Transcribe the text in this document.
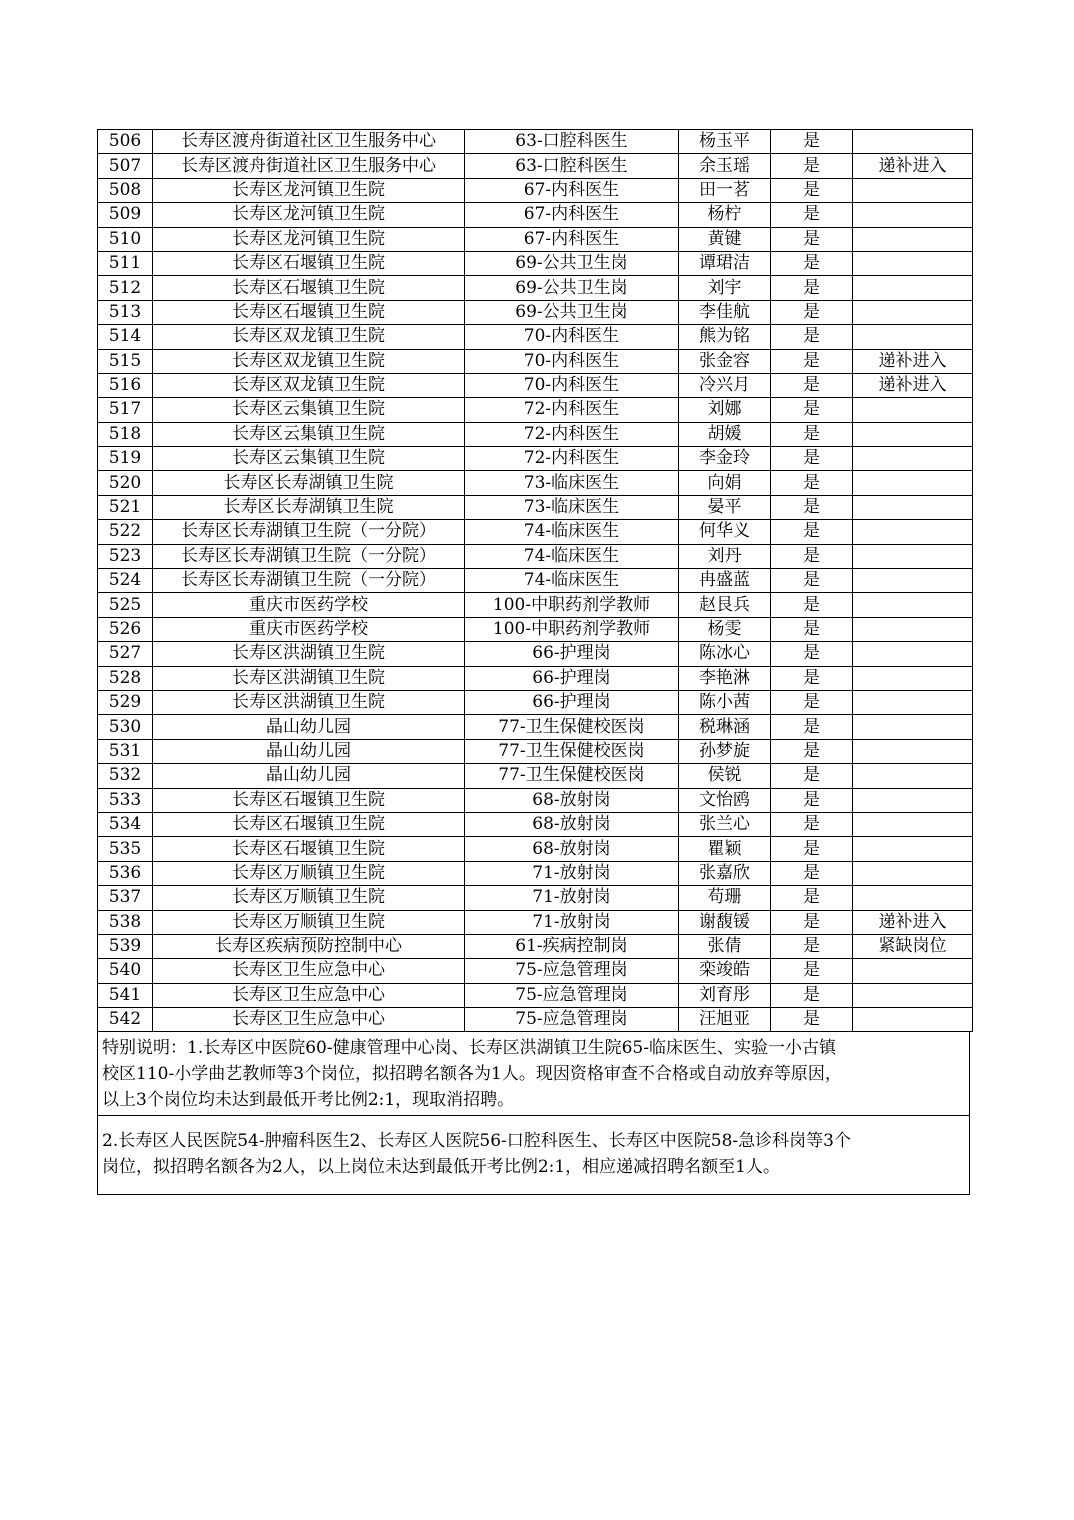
506	长寿区渡舟街道社区卫生服务中心	63-口腔科医生	杨玉平	是	
507	长寿区渡舟街道社区卫生服务中心	63-口腔科医生	余玉瑶	是	递补进入
508	长寿区龙河镇卫生院	67-内科医生	田一茗	是	
509	长寿区龙河镇卫生院	67-内科医生	杨柠	是	
510	长寿区龙河镇卫生院	67-内科医生	黄键	是	
511	长寿区石堰镇卫生院	69-公共卫生岗	谭珺洁	是	
512	长寿区石堰镇卫生院	69-公共卫生岗	刘宇	是	
513	长寿区石堰镇卫生院	69-公共卫生岗	李佳航	是	
514	长寿区双龙镇卫生院	70-内科医生	熊为铭	是	
515	长寿区双龙镇卫生院	70-内科医生	张金容	是	递补进入
516	长寿区双龙镇卫生院	70-内科医生	冷兴月	是	递补进入
517	长寿区云集镇卫生院	72-内科医生	刘娜	是	
518	长寿区云集镇卫生院	72-内科医生	胡媛	是	
519	长寿区云集镇卫生院	72-内科医生	李金玲	是	
520	长寿区长寿湖镇卫生院	73-临床医生	向娟	是	
521	长寿区长寿湖镇卫生院	73-临床医生	晏平	是	
522	长寿区长寿湖镇卫生院（一分院）	74-临床医生	何华义	是	
523	长寿区长寿湖镇卫生院（一分院）	74-临床医生	刘丹	是	
524	长寿区长寿湖镇卫生院（一分院）	74-临床医生	冉盛蓝	是	
525	重庆市医药学校	100-中职药剂学教师	赵艮兵	是	
526	重庆市医药学校	100-中职药剂学教师	杨雯	是	
527	长寿区洪湖镇卫生院	66-护理岗	陈冰心	是	
528	长寿区洪湖镇卫生院	66-护理岗	李艳淋	是	
529	长寿区洪湖镇卫生院	66-护理岗	陈小茜	是	
530	晶山幼儿园	77-卫生保健校医岗	税琳涵	是	
531	晶山幼儿园	77-卫生保健校医岗	孙梦旋	是	
532	晶山幼儿园	77-卫生保健校医岗	侯锐	是	
533	长寿区石堰镇卫生院	68-放射岗	文怡鸥	是	
534	长寿区石堰镇卫生院	68-放射岗	张兰心	是	
535	长寿区石堰镇卫生院	68-放射岗	瞿颖	是	
536	长寿区万顺镇卫生院	71-放射岗	张嘉欣	是	
537	长寿区万顺镇卫生院	71-放射岗	苟珊	是	
538	长寿区万顺镇卫生院	71-放射岗	谢馥锾	是	递补进入
539	长寿区疾病预防控制中心	61-疾病控制岗	张倩	是	紧缺岗位
540	长寿区卫生应急中心	75-应急管理岗	栾竣皓	是	
541	长寿区卫生应急中心	75-应急管理岗	刘育彤	是	
542	长寿区卫生应急中心	75-应急管理岗	汪旭亚	是	
特别说明：1.长寿区中医院60-健康管理中心岗、长寿区洪湖镇卫生院65-临床医生、实验一小古镇
校区110-小学曲艺教师等3个岗位，拟招聘名额各为1人。现因资格审查不合格或自动放弃等原因，
以上3个岗位均未达到最低开考比例2:1，现取消招聘。
2.长寿区人民医院54-肿瘤科医生2、长寿区人医院56-口腔科医生、长寿区中医院58-急诊科岗等3个
岗位，拟招聘名额各为2人，以上岗位未达到最低开考比例2:1，相应递减招聘名额至1人。
